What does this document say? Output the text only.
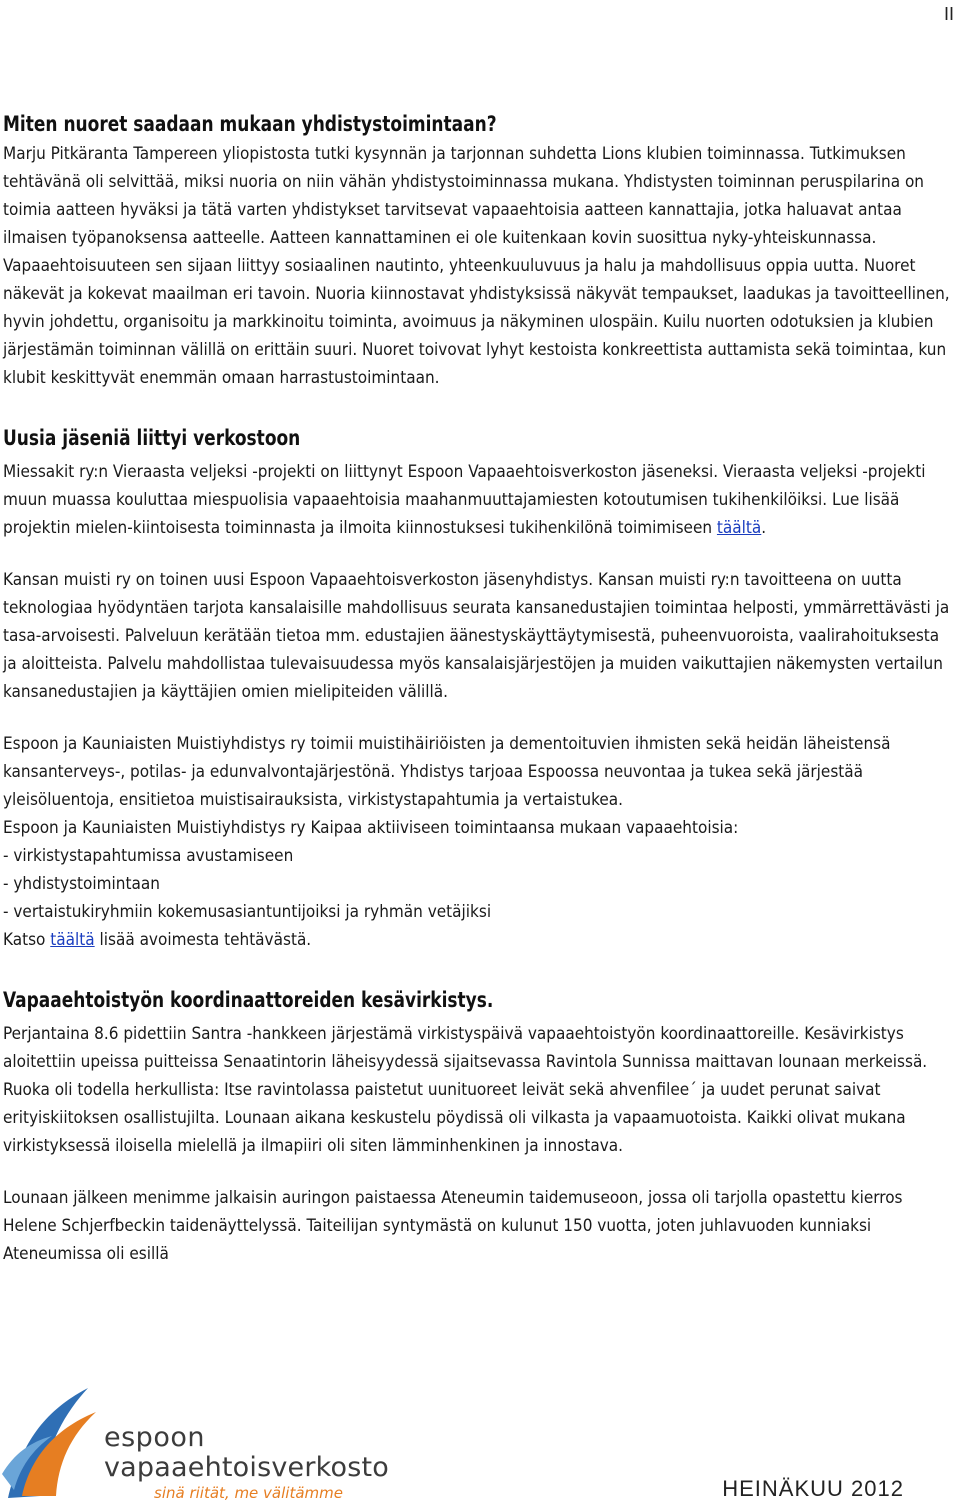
II
Miten nuoret saadaan mukaan yhdistystoimintaan?

Marju Pitkäranta Tampereen yliopistosta tutki kysynnän ja tarjonnan suhdetta Lions klubien toiminnassa. Tutkimuksen tehtävänä oli selvittää, miksi nuoria on niin vähän yhdistystoiminnassa mukana. Yhdistysten toiminnan peruspilarina on toimia aatteen hyväksi ja tätä varten yhdistykset tarvitsevat vapaaehtoisia aatteen kannattajia, jotka haluavat antaa ilmaisen työpanoksensa aatteelle. Aatteen kannattaminen ei ole kuitenkaan kovin suosittua nyky-yhteiskunnassa. Vapaaehtoisuuteen sen sijaan liittyy sosiaalinen nautinto, yhteenkuuluvuus ja halu ja mahdollisuus oppia uutta. Nuoret näkevät ja kokevat maailman eri tavoin. Nuoria kiinnostavat yhdistyksissä näkyvät tempaukset, laadukas ja tavoitteellinen, hyvin johdettu, organisoitu ja markkinoitu toiminta, avoimuus ja näkyminen ulospäin. Kuilu nuorten odotuksien ja klubien järjestämän toiminnan välillä on erittäin suuri. Nuoret toivovat lyhyt kestoista konkreettista auttamista sekä toimintaa, kun klubit keskittyvät enemmän omaan harrastustoimintaan.

Uusia jäseniä liittyi verkostoon

Miessakit ry:n Vieraasta veljeksi -projekti on liittynyt Espoon Vapaaehtoisverkoston jäseneksi. Vieraasta veljeksi -projekti muun muassa kouluttaa miespuolisia vapaaehtoisia maahanmuuttajamiesten kotoutumisen tukihenkilöiksi. Lue lisää projektin mielen-kiintoisesta toiminnasta ja ilmoita kiinnostuksesi tukihenkilönä toimimiseen täältä.

Kansan muisti ry on toinen uusi Espoon Vapaaehtoisverkoston jäsenyhdistys. Kansan muisti ry:n tavoitteena on uutta teknologiaa hyödyntäen tarjota kansalaisille mahdollisuus seurata kansanedustajien toimintaa helposti, ymmärrettävästi ja tasa-arvoisesti. Palveluun kerätään tietoa mm. edustajien äänestyskäyttäytymisestä, puheenvuoroista, vaalirahoituksesta ja aloitteista. Palvelu mahdollistaa tulevaisuudessa myös kansalaisjärjestöjen ja muiden vaikuttajien näkemysten vertailun kansanedustajien ja käyttäjien omien mielipiteiden välillä.

Espoon ja Kauniaisten Muistiyhdistys ry toimii muistihäiriöisten ja dementoituvien ihmisten sekä heidän läheistensä kansanterveys-, potilas- ja edunvalvontajärjestönä. Yhdistys tarjoaa Espoossa neuvontaa ja tukea sekä järjestää yleisöluentoja, ensitietoa muistisairauksista, virkistystapahtumia ja vertaistukea.

Espoon ja Kauniaisten Muistiyhdistys ry Kaipaa aktiiviseen toimintaansa mukaan vapaaehtoisia:
- virkistystapahtumissa avustamiseen
- yhdistystoimintaan
- vertaistukiryhmiin kokemusasiantuntijoiksi ja ryhmän vetäjiksi
Katso täältä lisää avoimesta tehtävästä.

Vapaaehtoistyön koordinaattoreiden kesävirkistys.

Perjantaina 8.6 pidettiin Santra -hankkeen järjestämä virkistyspäivä vapaaehtoistyön koordinaattoreille. Kesävirkistys aloitettiin upeissa puitteissa Senaatintorin läheisyydessä sijaitsevassa Ravintola Sunnissa maittavan lounaan merkeissä. Ruoka oli todella herkullista: Itse ravintolassa paistetut uunituoreet leivät sekä ahvenfilee´ ja uudet perunat saivat erityiskiitoksen osallistujilta. Lounaan aikana keskustelu pöydissä oli vilkasta ja vapaamuotoista. Kaikki olivat mukana virkistyksessä iloisella mielellä ja ilmapiiri oli siten lämminhenkinen ja innostava.

Lounaan jälkeen menimme jalkaisin auringon paistaessa Ateneumin taidemuseoon, jossa oli tarjolla opastettu kierros Helene Schjerfbeckin taidenäyttelyssä. Taiteilijan syntymästä on kulunut 150 vuotta, joten juhlavuoden kunniaksi Ateneumissa oli esillä

espoon
vapaaehtoisverkosto
sinä riität, me välitämme	HEINÄKUU 2012
